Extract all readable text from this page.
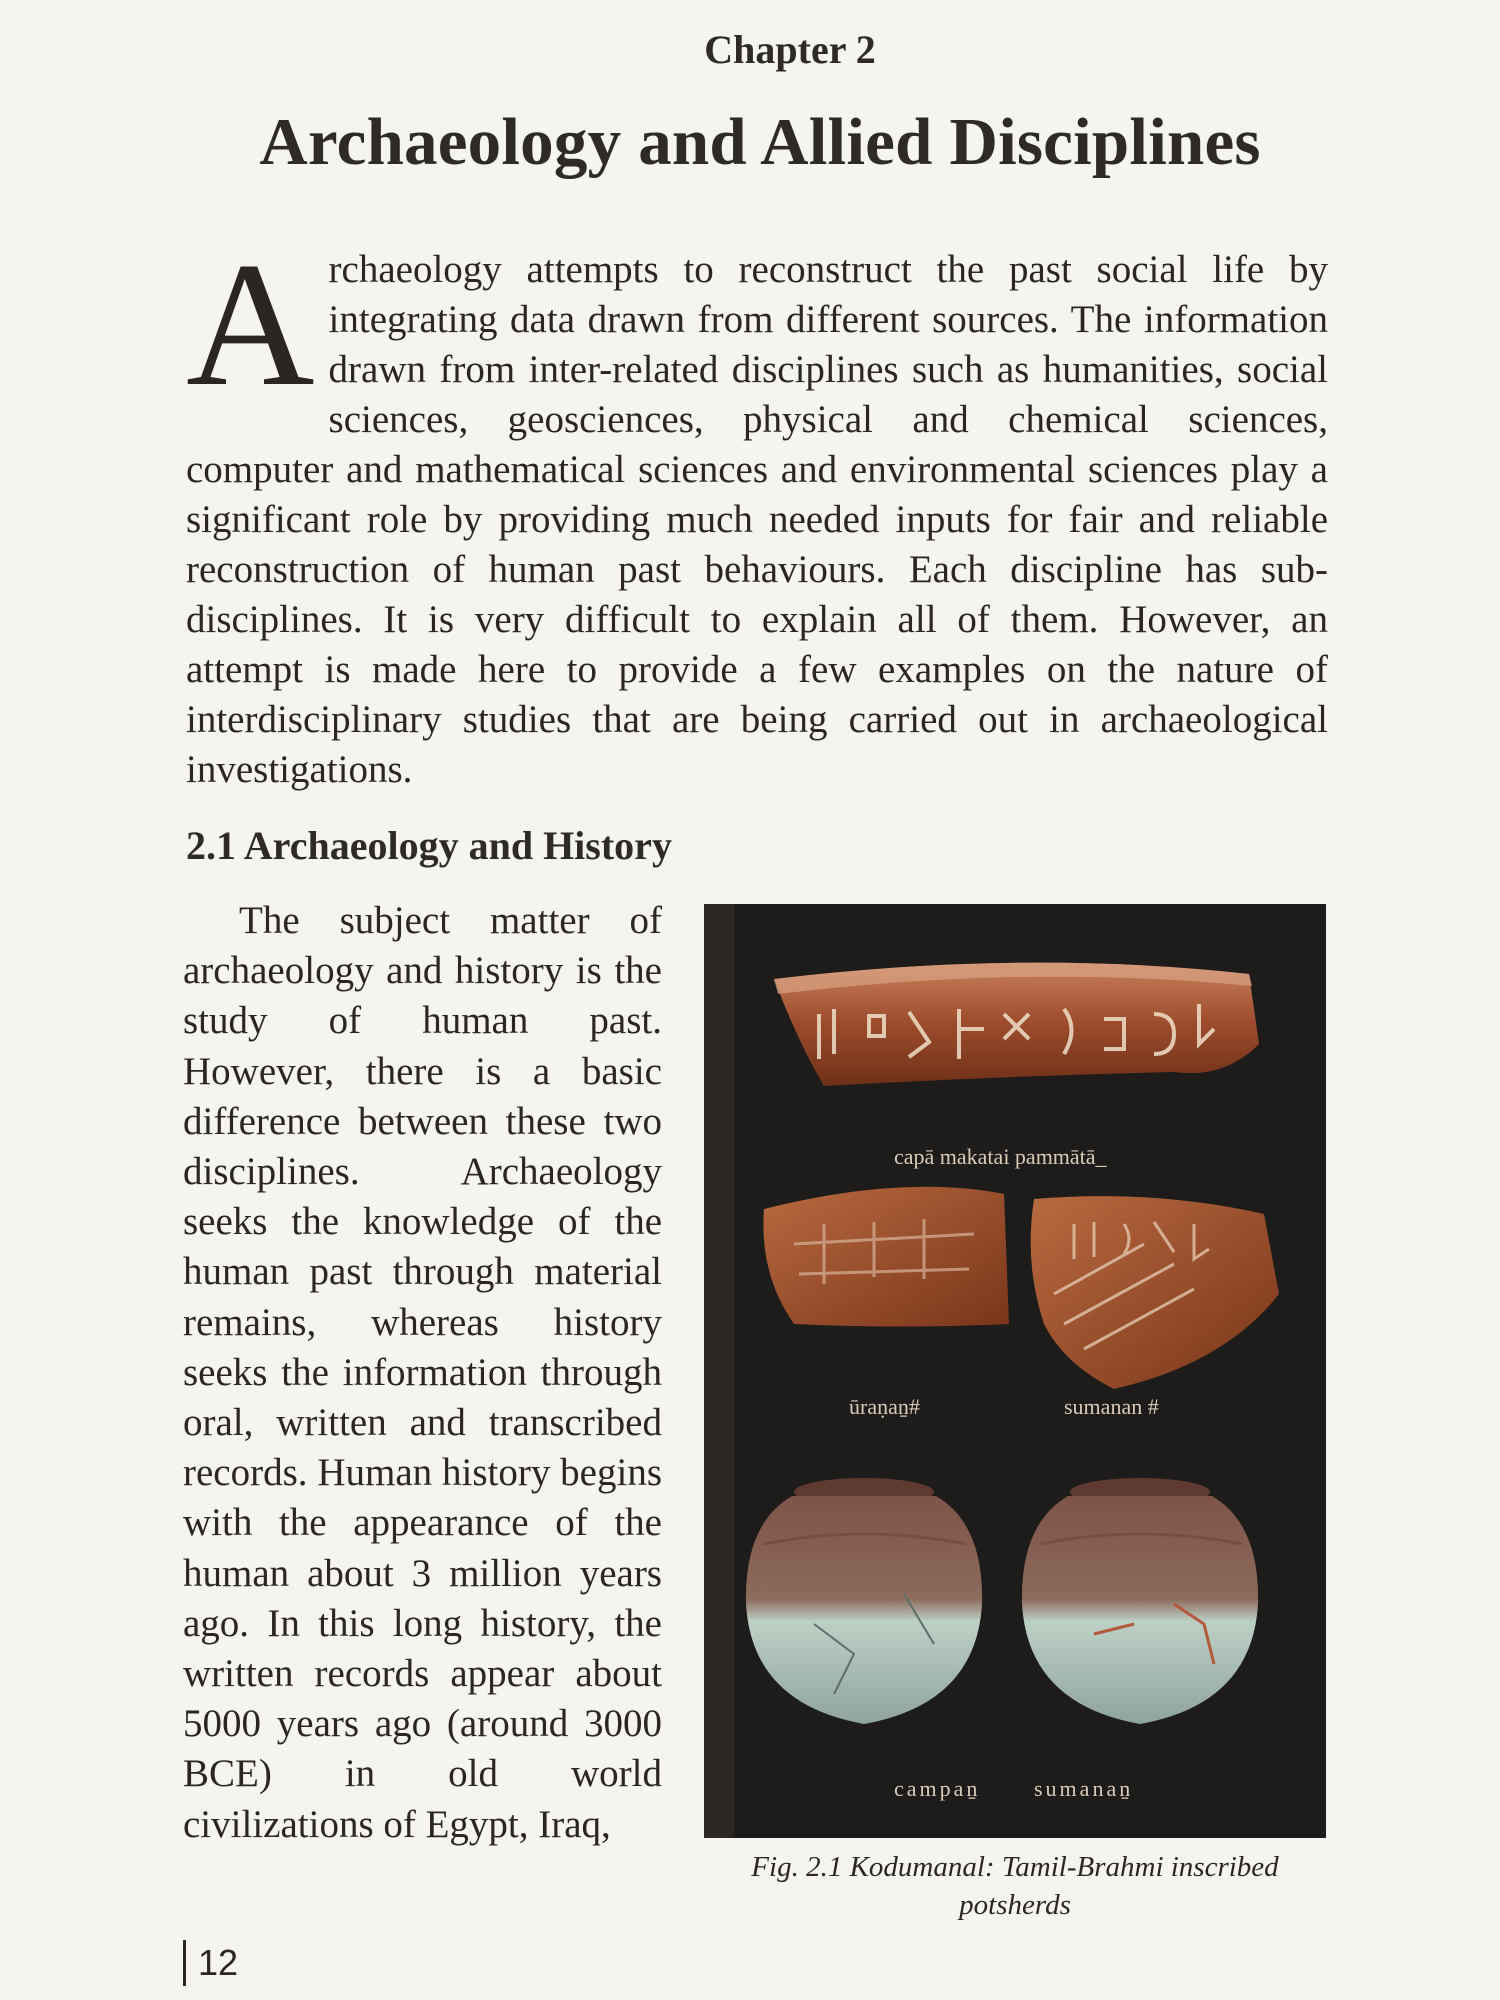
Chapter 2
Archaeology and Allied Disciplines

Archaeology attempts to reconstruct the past social life by integrating data drawn from different sources. The information drawn from inter-related disciplines such as humanities, social sciences, geosciences, physical and chemical sciences, computer and mathematical sciences and environmental sciences play a significant role by providing much needed inputs for fair and reliable reconstruction of human past behaviours. Each discipline has sub-disciplines. It is very difficult to explain all of them. However, an attempt is made here to provide a few examples on the nature of interdisciplinary studies that are being carried out in archaeological investigations.

2.1 Archaeology and History

The subject matter of archaeology and history is the study of human past. However, there is a basic difference between these two disciplines. Archaeology seeks the knowledge of the human past through material remains, whereas history seeks the information through oral, written and transcribed records. Human history begins with the appearance of the human about 3 million years ago. In this long history, the written records appear about 5000 years ago (around 3000 BCE) in old world civilizations of Egypt, Iraq,

capā makatai pammātā_
ūraṇaṉ#	sumanan #
campaṉ sumanaṉ

Fig. 2.1 Kodumanal: Tamil-Brahmi inscribed potsherds

12
